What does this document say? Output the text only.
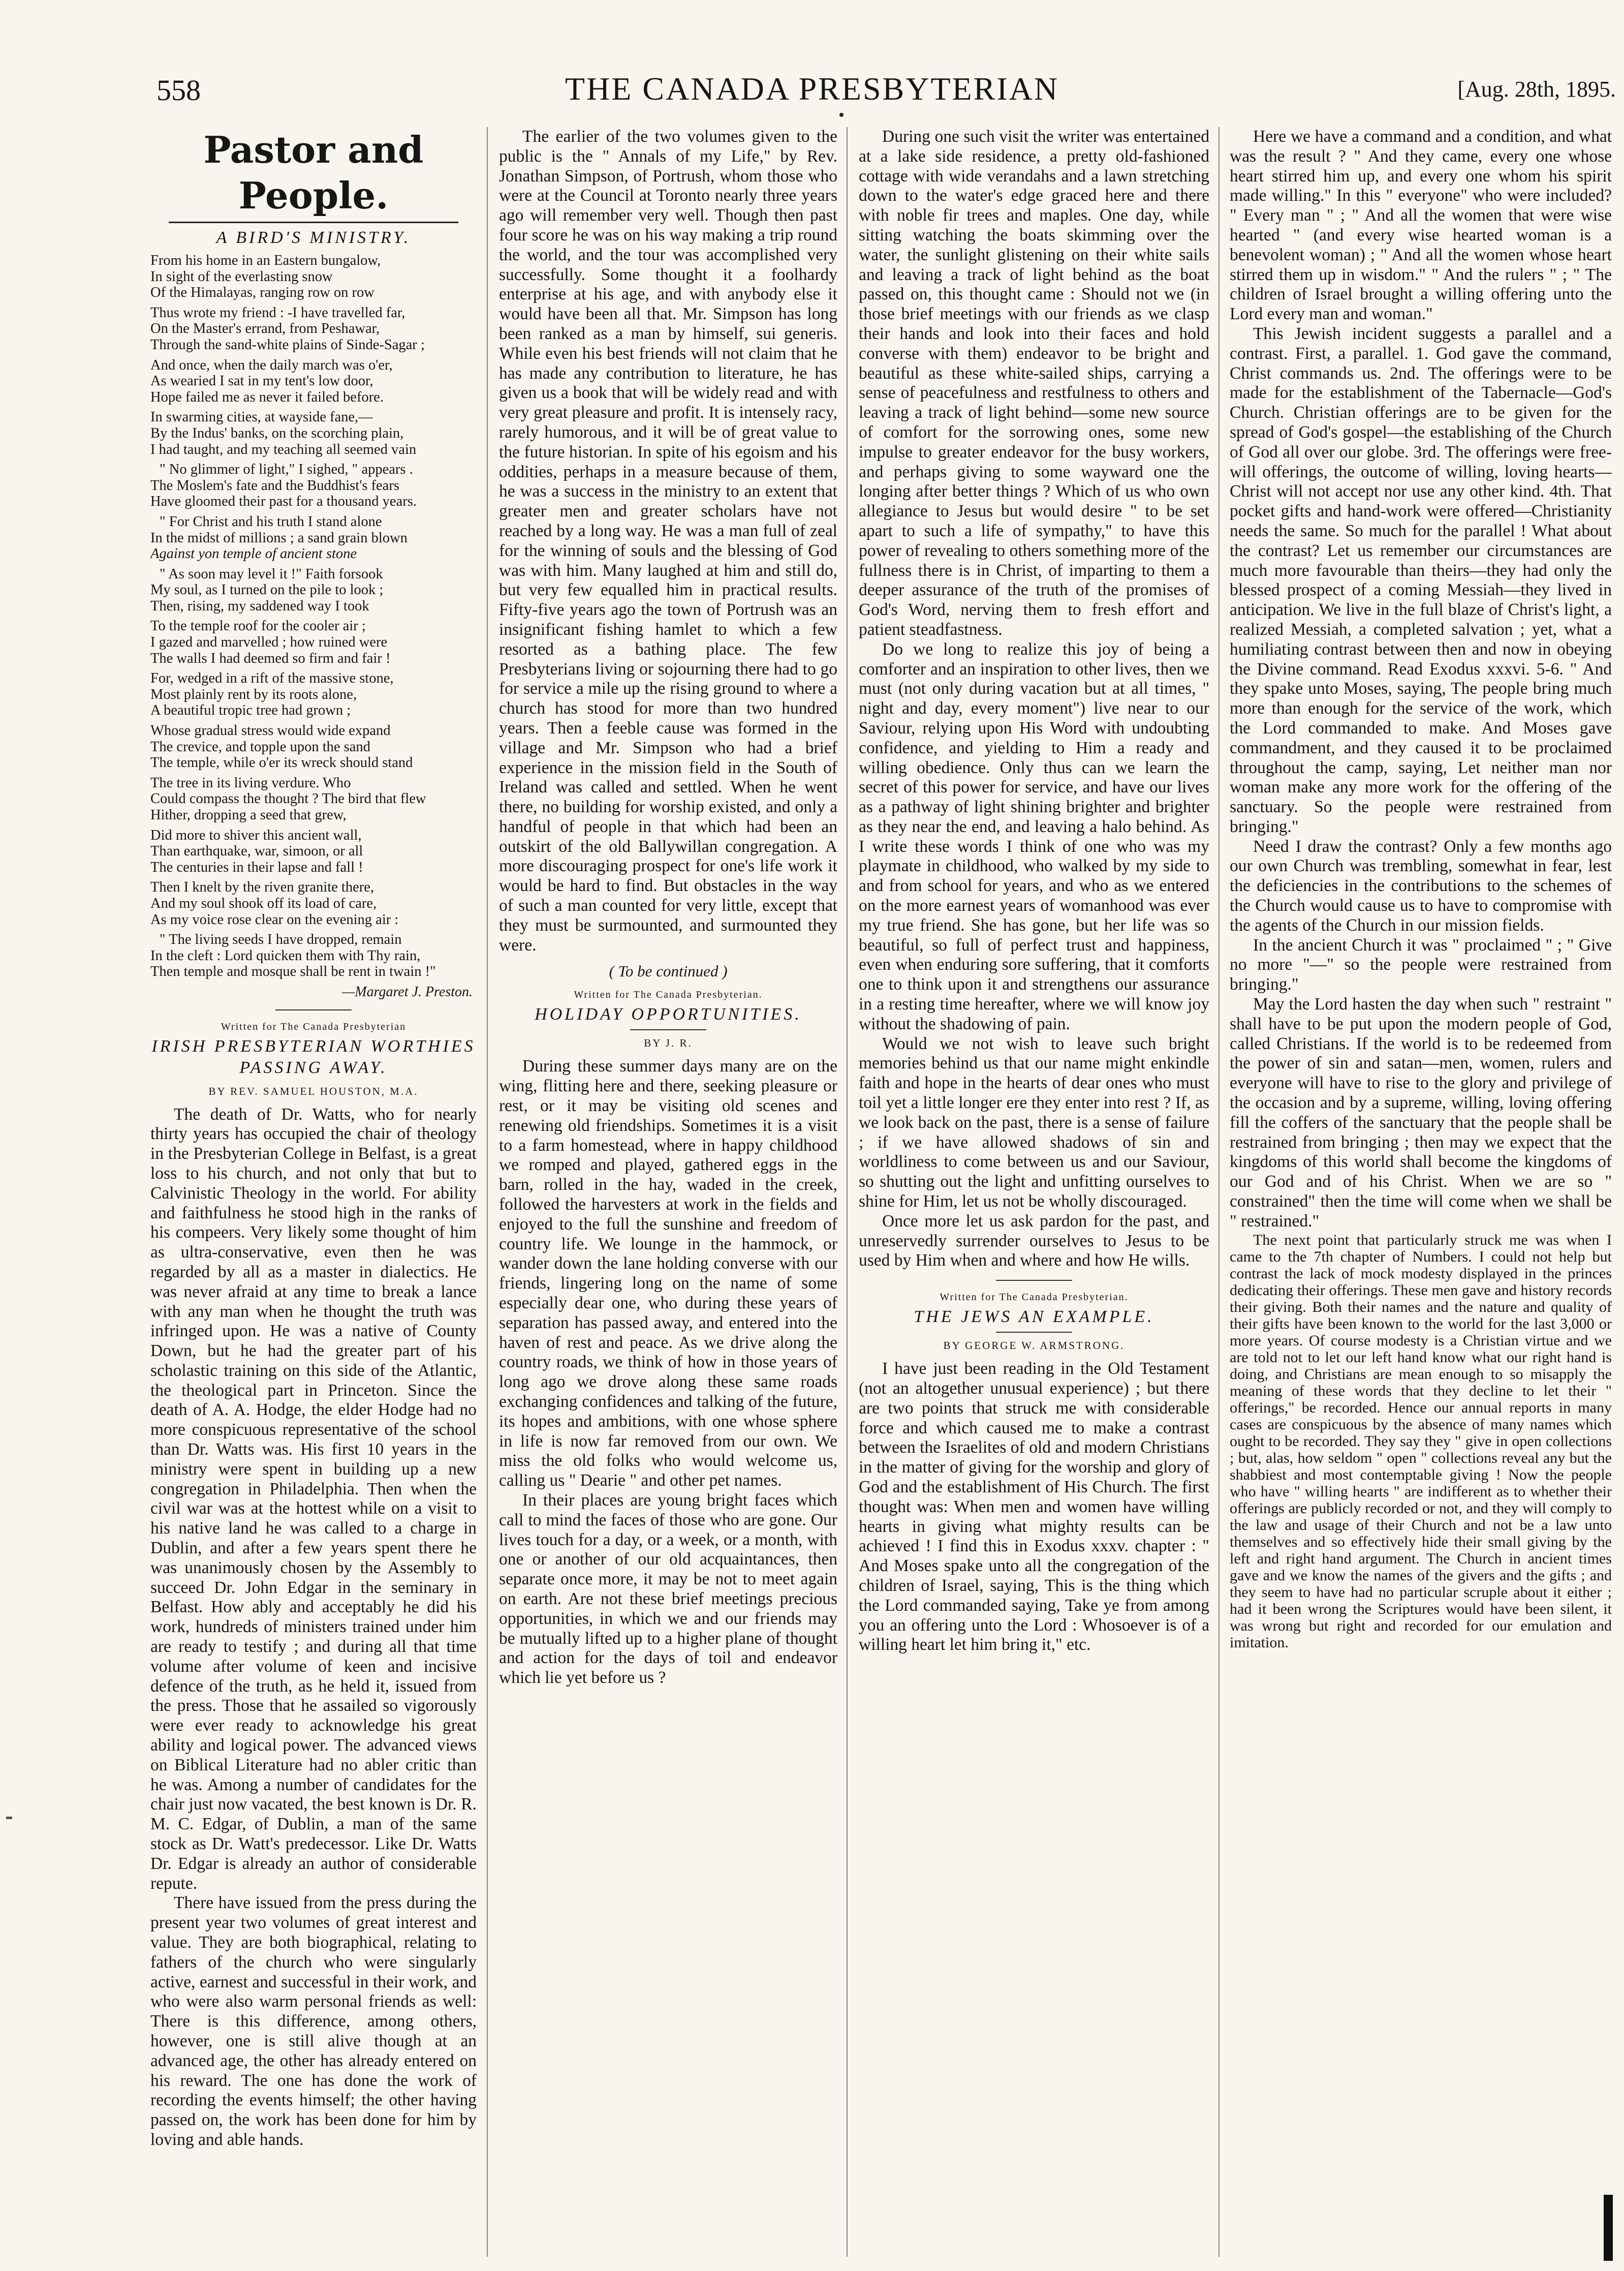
558	THE CANADA PRESBYTERIAN	[Aug. 28th, 1895.
Pastor and People.
A BIRD'S MINISTRY.
From his home in an Eastern bungalow,
In sight of the everlasting snow
Of the Himalayas, ranging row on row
Thus wrote my friend : -I have travelled far,
On the Master's errand, from Peshawar,
Through the sand-white plains of Sinde-Sagar ;
And once, when the daily march was o'er,
As wearied I sat in my tent's low door,
Hope failed me as never it failed before.
In swarming cities, at wayside fane,—
By the Indus' banks, on the scorching plain,
I had taught, and my teaching all seemed vain
" No glimmer of light," I sighed, " appears .
The Moslem's fate and the Buddhist's fears
Have gloomed their past for a thousand years.
" For Christ and his truth I stand alone
In the midst of millions ; a sand grain blown
Against yon temple of ancient stone
" As soon may level it !" Faith forsook
My soul, as I turned on the pile to look ;
Then, rising, my saddened way I took
To the temple roof for the cooler air ;
I gazed and marvelled ; how ruined were
The walls I had deemed so firm and fair !
For, wedged in a rift of the massive stone,
Most plainly rent by its roots alone,
A beautiful tropic tree had grown ;
Whose gradual stress would wide expand
The crevice, and topple upon the sand
The temple, while o'er its wreck should stand
The tree in its living verdure. Who
Could compass the thought ? The bird that flew
Hither, dropping a seed that grew,
Did more to shiver this ancient wall,
Than earthquake, war, simoon, or all
The centuries in their lapse and fall !
Then I knelt by the riven granite there,
And my soul shook off its load of care,
As my voice rose clear on the evening air :
" The living seeds I have dropped, remain
In the cleft : Lord quicken them with Thy rain,
Then temple and mosque shall be rent in twain !"
—Margaret J. Preston.
Written for The Canada Presbyterian
IRISH PRESBYTERIAN WORTHIES PASSING AWAY.
BY REV. SAMUEL HOUSTON, M.A.

The death of Dr. Watts, who for nearly thirty years has occupied the chair of theology in the Presbyterian College in Belfast, is a great loss to his church, and not only that but to Calvinistic Theology in the world. For ability and faithfulness he stood high in the ranks of his compeers. Very likely some thought of him as ultra-conservative, even then he was regarded by all as a master in dialectics. He was never afraid at any time to break a lance with any man when he thought the truth was infringed upon. He was a native of County Down, but he had the greater part of his scholastic training on this side of the Atlantic, the theological part in Princeton. Since the death of A. A. Hodge, the elder Hodge had no more conspicuous representative of the school than Dr. Watts was. His first 10 years in the ministry were spent in building up a new congregation in Philadelphia. Then when the civil war was at the hottest while on a visit to his native land he was called to a charge in Dublin, and after a few years spent there he was unanimously chosen by the Assembly to succeed Dr. John Edgar in the seminary in Belfast. How ably and acceptably he did his work, hundreds of ministers trained under him are ready to testify ; and during all that time volume after volume of keen and incisive defence of the truth, as he held it, issued from the press. Those that he assailed so vigorously were ever ready to acknowledge his great ability and logical power. The advanced views on Biblical Literature had no abler critic than he was. Among a number of candidates for the chair just now vacated, the best known is Dr. R. M. C. Edgar, of Dublin, a man of the same stock as Dr. Watt's predecessor. Like Dr. Watts Dr. Edgar is already an author of considerable repute.

There have issued from the press during the present year two volumes of great interest and value. They are both biographical, relating to fathers of the church who were singularly active, earnest and successful in their work, and who were also warm personal friends as well: There is this difference, among others, however, one is still alive though at an advanced age, the other has already entered on his reward. The one has done the work of recording the events himself; the other having passed on, the work has been done for him by loving and able hands.

The earlier of the two volumes given to the public is the " Annals of my Life," by Rev. Jonathan Simpson, of Portrush, whom those who were at the Council at Toronto nearly three years ago will remember very well. Though then past four score he was on his way making a trip round the world, and the tour was accomplished very successfully. Some thought it a foolhardy enterprise at his age, and with anybody else it would have been all that. Mr. Simpson has long been ranked as a man by himself, sui generis. While even his best friends will not claim that he has made any contribution to literature, he has given us a book that will be widely read and with very great pleasure and profit. It is intensely racy, rarely humorous, and it will be of great value to the future historian. In spite of his egoism and his oddities, perhaps in a measure because of them, he was a success in the ministry to an extent that greater men and greater scholars have not reached by a long way. He was a man full of zeal for the winning of souls and the blessing of God was with him. Many laughed at him and still do, but very few equalled him in practical results. Fifty-five years ago the town of Portrush was an insignificant fishing hamlet to which a few resorted as a bathing place. The few Presbyterians living or sojourning there had to go for service a mile up the rising ground to where a church has stood for more than two hundred years. Then a feeble cause was formed in the village and Mr. Simpson who had a brief experience in the mission field in the South of Ireland was called and settled. When he went there, no building for worship existed, and only a handful of people in that which had been an outskirt of the old Ballywillan congregation. A more discouraging prospect for one's life work it would be hard to find. But obstacles in the way of such a man counted for very little, except that they must be surmounted, and surmounted they were.

( To be continued )
Written for The Canada Presbyterian.
HOLIDAY OPPORTUNITIES.
BY J. R.

During these summer days many are on the wing, flitting here and there, seeking pleasure or rest, or it may be visiting old scenes and renewing old friendships. Sometimes it is a visit to a farm homestead, where in happy childhood we romped and played, gathered eggs in the barn, rolled in the hay, waded in the creek, followed the harvesters at work in the fields and enjoyed to the full the sunshine and freedom of country life. We lounge in the hammock, or wander down the lane holding converse with our friends, lingering long on the name of some especially dear one, who during these years of separation has passed away, and entered into the haven of rest and peace. As we drive along the country roads, we think of how in those years of long ago we drove along these same roads exchanging confidences and talking of the future, its hopes and ambitions, with one whose sphere in life is now far removed from our own. We miss the old folks who would welcome us, calling us " Dearie " and other pet names.

In their places are young bright faces which call to mind the faces of those who are gone. Our lives touch for a day, or a week, or a month, with one or another of our old acquaintances, then separate once more, it may be not to meet again on earth. Are not these brief meetings precious opportunities, in which we and our friends may be mutually lifted up to a higher plane of thought and action for the days of toil and endeavor which lie yet before us ?

During one such visit the writer was entertained at a lake side residence, a pretty old-fashioned cottage with wide verandahs and a lawn stretching down to the water's edge graced here and there with noble fir trees and maples. One day, while sitting watching the boats skimming over the water, the sunlight glistening on their white sails and leaving a track of light behind as the boat passed on, this thought came : Should not we (in those brief meetings with our friends as we clasp their hands and look into their faces and hold converse with them) endeavor to be bright and beautiful as these white-sailed ships, carrying a sense of peacefulness and restfulness to others and leaving a track of light behind—some new source of comfort for the sorrowing ones, some new impulse to greater endeavor for the busy workers, and perhaps giving to some wayward one the longing after better things ? Which of us who own allegiance to Jesus but would desire " to be set apart to such a life of sympathy," to have this power of revealing to others something more of the fullness there is in Christ, of imparting to them a deeper assurance of the truth of the promises of God's Word, nerving them to fresh effort and patient steadfastness.

Do we long to realize this joy of being a comforter and an inspiration to other lives, then we must (not only during vacation but at all times, " night and day, every moment") live near to our Saviour, relying upon His Word with undoubting confidence, and yielding to Him a ready and willing obedience. Only thus can we learn the secret of this power for service, and have our lives as a pathway of light shining brighter and brighter as they near the end, and leaving a halo behind. As I write these words I think of one who was my playmate in childhood, who walked by my side to and from school for years, and who as we entered on the more earnest years of womanhood was ever my true friend. She has gone, but her life was so beautiful, so full of perfect trust and happiness, even when enduring sore suffering, that it comforts one to think upon it and strengthens our assurance in a resting time hereafter, where we will know joy without the shadowing of pain.

Would we not wish to leave such bright memories behind us that our name might enkindle faith and hope in the hearts of dear ones who must toil yet a little longer ere they enter into rest ? If, as we look back on the past, there is a sense of failure ; if we have allowed shadows of sin and worldliness to come between us and our Saviour, so shutting out the light and unfitting ourselves to shine for Him, let us not be wholly discouraged.

Once more let us ask pardon for the past, and unreservedly surrender ourselves to Jesus to be used by Him when and where and how He wills.

Written for The Canada Presbyterian.
THE JEWS AN EXAMPLE.
BY GEORGE W. ARMSTRONG.

I have just been reading in the Old Testament (not an altogether unusual experience) ; but there are two points that struck me with considerable force and which caused me to make a contrast between the Israelites of old and modern Christians in the matter of giving for the worship and glory of God and the establishment of His Church. The first thought was: When men and women have willing hearts in giving what mighty results can be achieved ! I find this in Exodus xxxv. chapter : " And Moses spake unto all the congregation of the children of Israel, saying, This is the thing which the Lord commanded saying, Take ye from among you an offering unto the Lord : Whosoever is of a willing heart let him bring it," etc.

Here we have a command and a condition, and what was the result ? " And they came, every one whose heart stirred him up, and every one whom his spirit made willing." In this " everyone" who were included? " Every man " ; " And all the women that were wise hearted " (and every wise hearted woman is a benevolent woman) ; " And all the women whose heart stirred them up in wisdom." " And the rulers " ; " The children of Israel brought a willing offering unto the Lord every man and woman."

This Jewish incident suggests a parallel and a contrast. First, a parallel. 1. God gave the command, Christ commands us. 2nd. The offerings were to be made for the establishment of the Tabernacle—God's Church. Christian offerings are to be given for the spread of God's gospel—the establishing of the Church of God all over our globe. 3rd. The offerings were free-will offerings, the outcome of willing, loving hearts—Christ will not accept nor use any other kind. 4th. That pocket gifts and hand-work were offered—Christianity needs the same. So much for the parallel ! What about the contrast? Let us remember our circumstances are much more favourable than theirs—they had only the blessed prospect of a coming Messiah—they lived in anticipation. We live in the full blaze of Christ's light, a realized Messiah, a completed salvation ; yet, what a humiliating contrast between then and now in obeying the Divine command. Read Exodus xxxvi. 5-6. " And they spake unto Moses, saying, The people bring much more than enough for the service of the work, which the Lord commanded to make. And Moses gave commandment, and they caused it to be proclaimed throughout the camp, saying, Let neither man nor woman make any more work for the offering of the sanctuary. So the people were restrained from bringing."

Need I draw the contrast? Only a few months ago our own Church was trembling, somewhat in fear, lest the deficiencies in the contributions to the schemes of the Church would cause us to have to compromise with the agents of the Church in our mission fields.

In the ancient Church it was " proclaimed " ; " Give no more "—" so the people were restrained from bringing."

May the Lord hasten the day when such " restraint " shall have to be put upon the modern people of God, called Christians. If the world is to be redeemed from the power of sin and satan—men, women, rulers and everyone will have to rise to the glory and privilege of the occasion and by a supreme, willing, loving offering fill the coffers of the sanctuary that the people shall be restrained from bringing ; then may we expect that the kingdoms of this world shall become the kingdoms of our God and of his Christ. When we are so " constrained" then the time will come when we shall be " restrained."

The next point that particularly struck me was when I came to the 7th chapter of Numbers. I could not help but contrast the lack of mock modesty displayed in the princes dedicating their offerings. These men gave and history records their giving. Both their names and the nature and quality of their gifts have been known to the world for the last 3,000 or more years. Of course modesty is a Christian virtue and we are told not to let our left hand know what our right hand is doing, and Christians are mean enough to so misapply the meaning of these words that they decline to let their " offerings," be recorded. Hence our annual reports in many cases are conspicuous by the absence of many names which ought to be recorded. They say they " give in open collections ; but, alas, how seldom " open " collections reveal any but the shabbiest and most contemptable giving ! Now the people who have " willing hearts " are indifferent as to whether their offerings are publicly recorded or not, and they will comply to the law and usage of their Church and not be a law unto themselves and so effectively hide their small giving by the left and right hand argument. The Church in ancient times gave and we know the names of the givers and the gifts ; and they seem to have had no particular scruple about it either ; had it been wrong the Scriptures would have been silent, it was wrong but right and recorded for our emulation and imitation.
